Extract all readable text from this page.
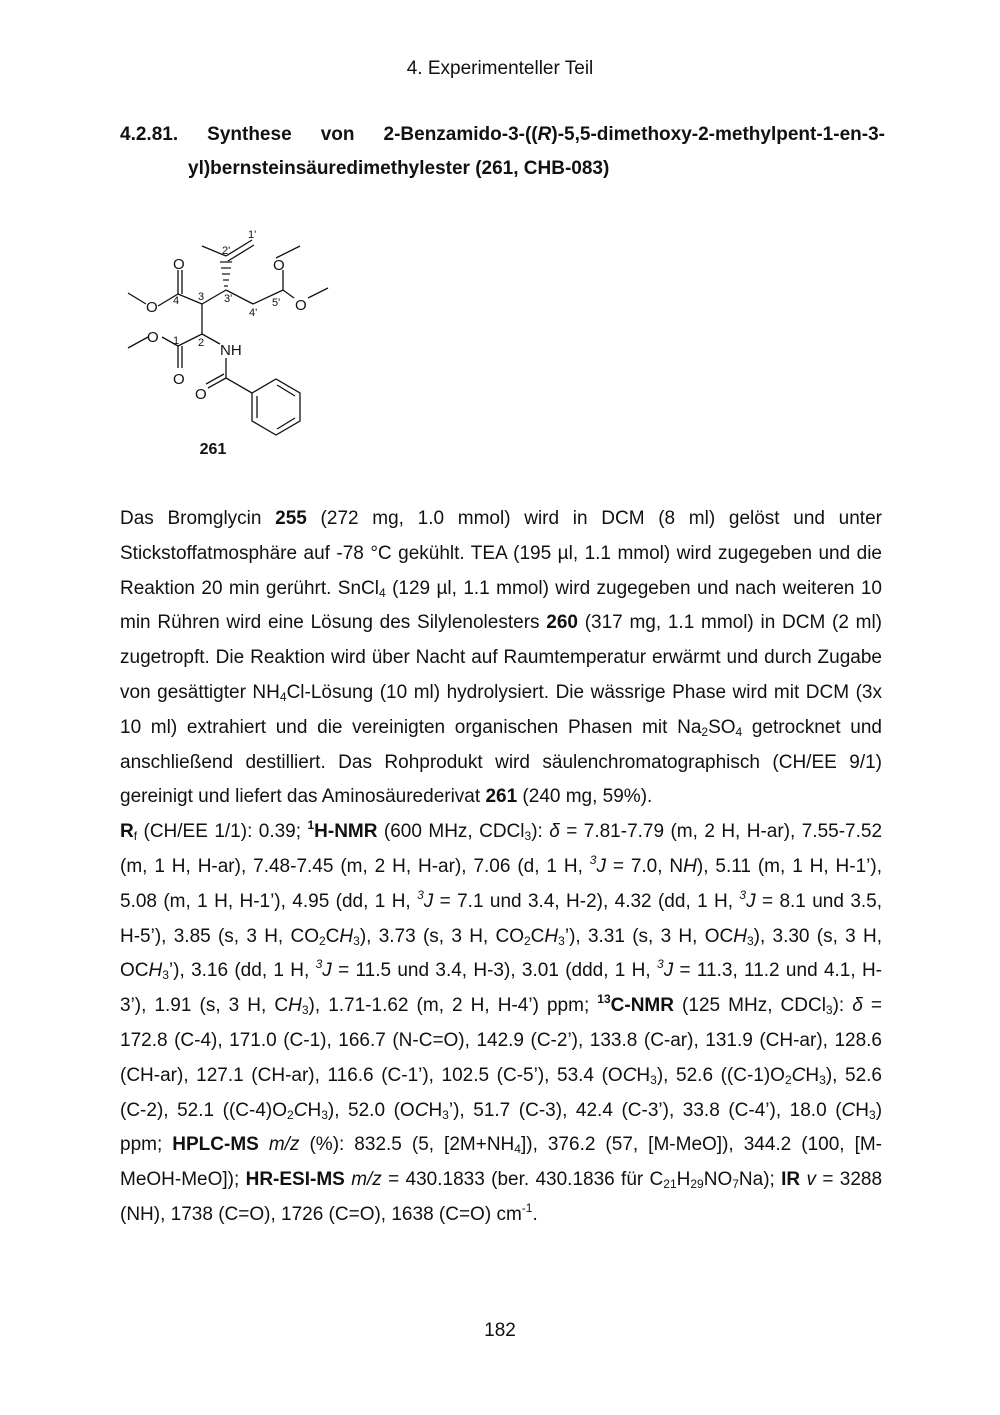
4. Experimenteller Teil
4.2.81. Synthese von 2-Benzamido-3-((R)-5,5-dimethoxy-2-methylpent-1-en-3-
yl)bernsteinsäuredimethylester (261, CHB-083)
O
O
O
O
NH
O
O
O
1'
2'
3'
4'
5'
1 2
3
4
261

Das Bromglycin 255 (272 mg, 1.0 mmol) wird in DCM (8 ml) gelöst und unter Stickstoffatmosphäre auf -78 °C gekühlt. TEA (195 µl, 1.1 mmol) wird zugegeben und die Reaktion 20 min gerührt. SnCl$_4$ (129 µl, 1.1 mmol) wird zugegeben und nach weiteren 10 min Rühren wird eine Lösung des Silylenolesters 260 (317 mg, 1.1 mmol) in DCM (2 ml) zugetropft. Die Reaktion wird über Nacht auf Raumtemperatur erwärmt und durch Zugabe von gesättigter $NH_4Cl$-Lösung (10 ml) hydrolysiert. Die wässrige Phase wird mit DCM (3x 10 ml) extrahiert und die vereinigten organischen Phasen mit $Na_2SO_4$ getrocknet und anschließend destilliert. Das Rohprodukt wird säulenchromatographisch (CH/EE 9/1) gereinigt und liefert das Aminosäurederivat 261 (240 mg, 59%).

$R_f$ (CH/EE 1/1): 0.39; $^1$H-NMR (600 MHz, CDCl$_3$): δ = 7.81-7.79 (m, 2 H, H-ar), 7.55-7.52 (m, 1 H, H-ar), 7.48-7.45 (m, 2 H, H-ar), 7.06 (d, 1 H, $^3$J = 7.0, NH), 5.11 (m, 1 H, H-1’), 5.08 (m, 1 H, H-1’), 4.95 (dd, 1 H, $^3$J = 7.1 und 3.4, H-2), 4.32 (dd, 1 H, $^3$J = 8.1 und 3.5, H-5’), 3.85 (s, 3 H, $CO_2CH_3$), 3.73 (s, 3 H, $CO_2CH_3$’), 3.31 (s, 3 H, $OCH_3$), 3.30 (s, 3 H, $OCH_3$’), 3.16 (dd, 1 H, $^3$J = 11.5 und 3.4, H-3), 3.01 (ddd, 1 H, $^3$J = 11.3, 11.2 und 4.1, H-3’), 1.91 (s, 3 H, $CH_3$), 1.71-1.62 (m, 2 H, H-4’) ppm; $^{13}$C-NMR (125 MHz, CDCl$_3$): δ = 172.8 (C-4), 171.0 (C-1), 166.7 (N-C=O), 142.9 (C-2’), 133.8 (C-ar), 131.9 (CH-ar), 128.6 (CH-ar), 127.1 (CH-ar), 116.6 (C-1’), 102.5 (C-5’), 53.4 $(OCH_3)$, 52.6 $((C-1)O_2CH_3)$, 52.6 (C-2), 52.1 $((C-4)O_2CH_3)$, 52.0 $(OCH_3’)$, 51.7 (C-3), 42.4 (C-3’), 33.8 (C-4’), 18.0 $(CH_3)$ ppm; HPLC-MS m/z (%): 832.5 (5, $[2M+NH_4]$), 376.2 (57, [M-MeO]), 344.2 (100, [M-MeOH-MeO]); HR-ESI-MS m/z = 430.1833 (ber. 430.1836 für $C_{21}H_{29}NO_7Na$); IR v = 3288 (NH), 1738 (C=O), 1726 (C=O), 1638 (C=O) $cm^{-1}$.

182
